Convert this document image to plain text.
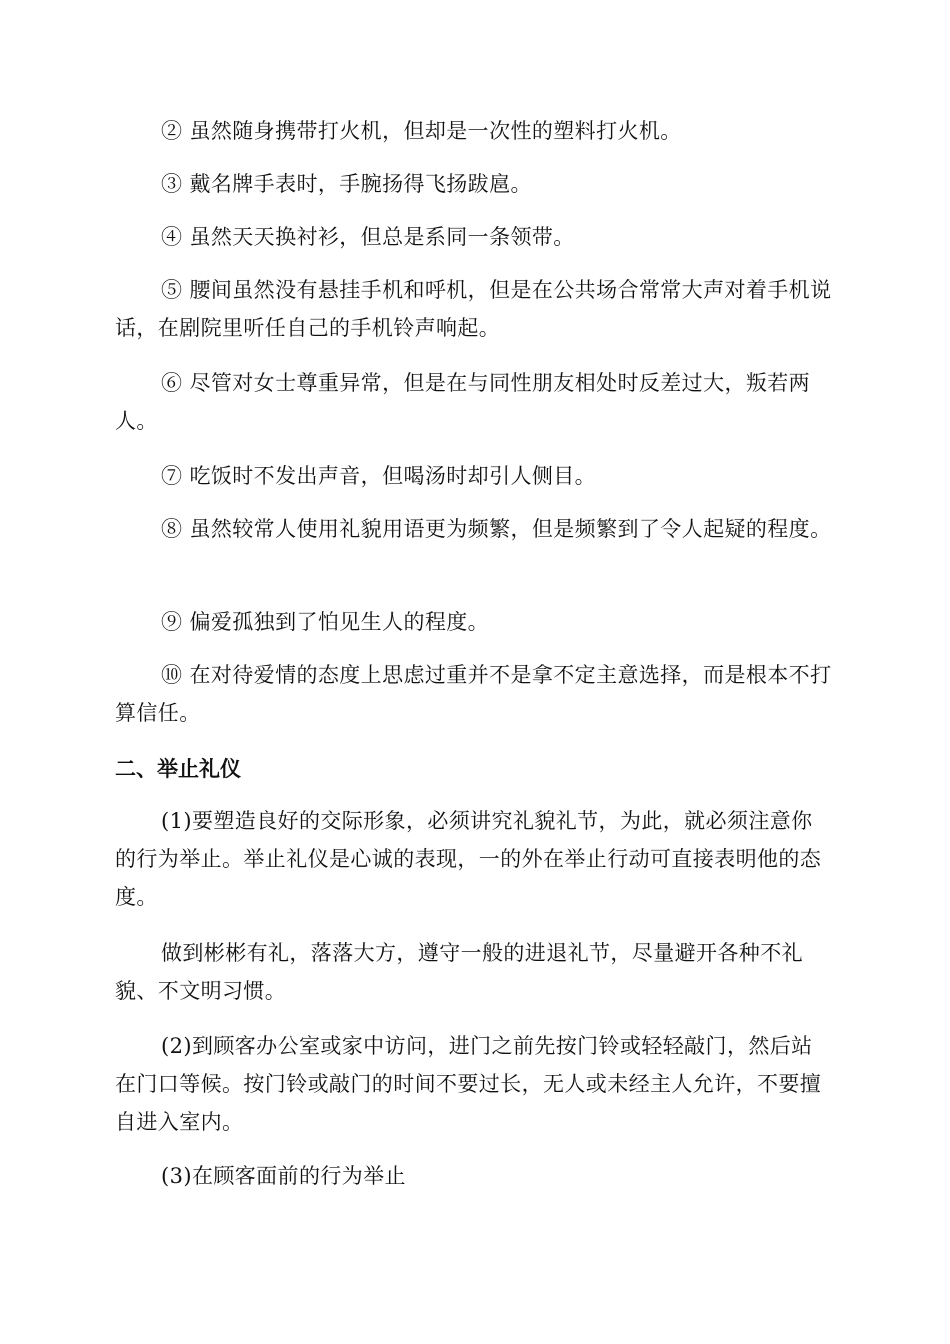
② 虽然随身携带打火机，但却是一次性的塑料打火机。

③ 戴名牌手表时，手腕扬得飞扬跋扈。

④ 虽然天天换衬衫，但总是系同一条领带。

⑤ 腰间虽然没有悬挂手机和呼机，但是在公共场合常常大声对着手机说话，在剧院里听任自己的手机铃声响起。

⑥ 尽管对女士尊重异常，但是在与同性朋友相处时反差过大，叛若两人。

⑦ 吃饭时不发出声音，但喝汤时却引人侧目。

⑧ 虽然较常人使用礼貌用语更为频繁，但是频繁到了令人起疑的程度。

⑨ 偏爱孤独到了怕见生人的程度。

⑩ 在对待爱情的态度上思虑过重并不是拿不定主意选择，而是根本不打算信任。

二、举止礼仪

(1)要塑造良好的交际形象，必须讲究礼貌礼节，为此，就必须注意你的行为举止。举止礼仪是心诚的表现，一的外在举止行动可直接表明他的态度。

做到彬彬有礼，落落大方，遵守一般的进退礼节，尽量避开各种不礼貌、不文明习惯。

(2)到顾客办公室或家中访问，进门之前先按门铃或轻轻敲门，然后站在门口等候。按门铃或敲门的时间不要过长，无人或未经主人允许，不要擅自进入室内。

(3)在顾客面前的行为举止
